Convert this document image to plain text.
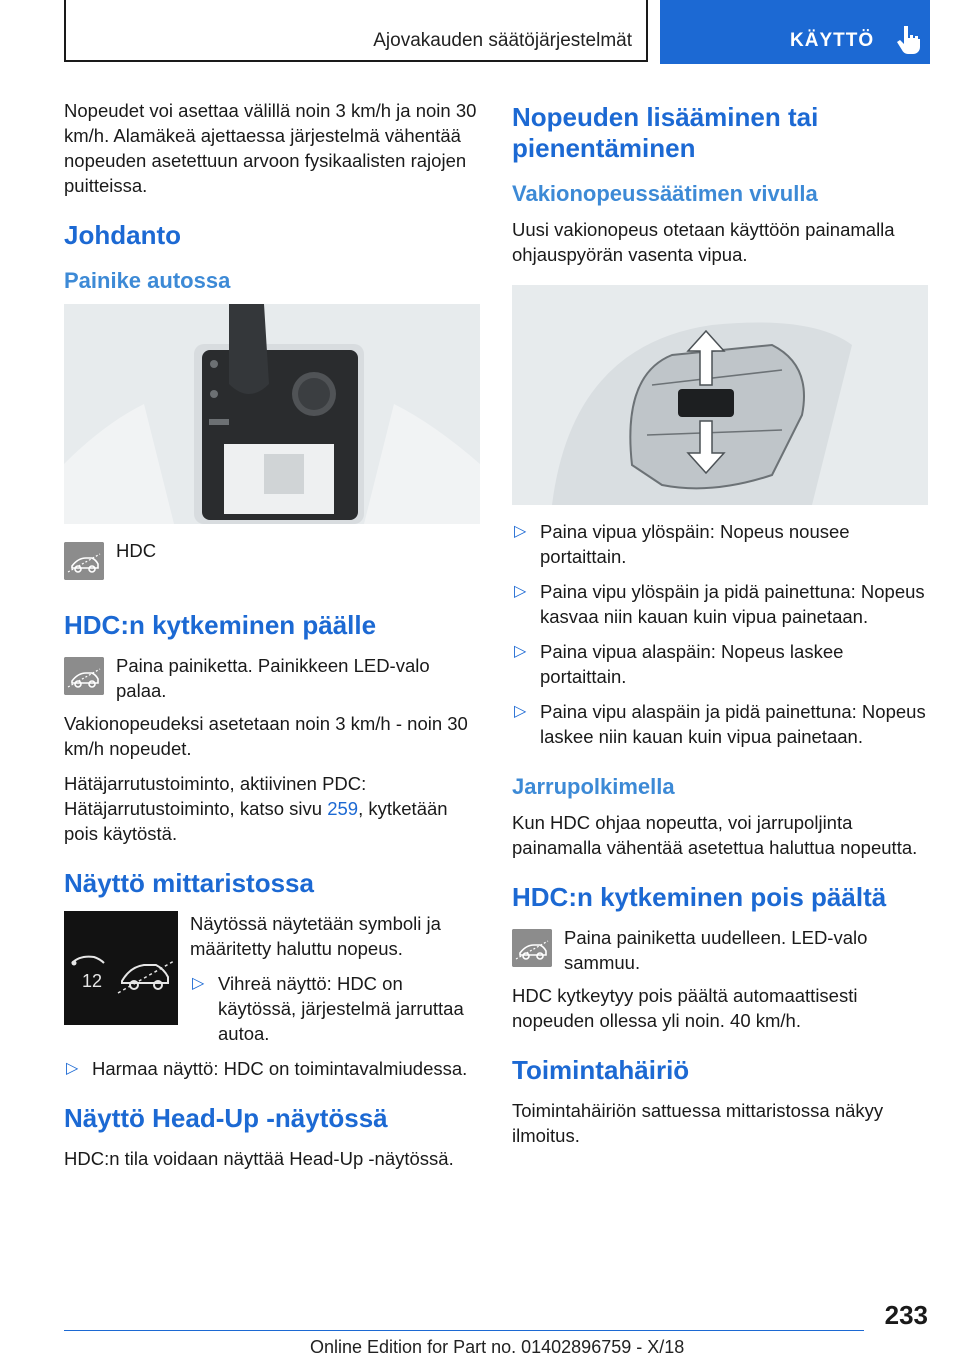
Ajovakauden säätöjärjestelmät	KÄYTTÖ

Nopeudet voi asettaa välillä noin 3 km/h ja noin 30 km/h. Alamäkeä ajettaessa järjestelmä vähentää nopeuden asetettuun arvoon fysikaalisten rajojen puitteissa.

Johdanto
Painike autossa
HDC
HDC:n kytkeminen päälle
Paina painiketta. Painikkeen LED-valo palaa.

Vakionopeudeksi asetetaan noin 3 km/h - noin 30 km/h nopeudet.

Hätäjarrutustoiminto, aktiivinen PDC: Hätäjarrutustoiminto, katso sivu 259, kytketään pois käytöstä.

Näyttö mittaristossa
12

Näytössä näytetään symboli ja määritetty haluttu nopeus.

▷ Vihreä näyttö: HDC on käytössä, järjestelmä jarruttaa autoa.
▷ Harmaa näyttö: HDC on toimintavalmiudessa.
Näyttö Head-Up -näytössä

HDC:n tila voidaan näyttää Head-Up -näytössä.

Nopeuden lisääminen tai pienentäminen
Vakionopeussäätimen vivulla

Uusi vakionopeus otetaan käyttöön painamalla ohjauspyörän vasenta vipua.

▷ Paina vipua ylöspäin: Nopeus nousee portaittain.
▷ Paina vipu ylöspäin ja pidä painettuna: Nopeus kasvaa niin kauan kuin vipua painetaan.
▷ Paina vipua alaspäin: Nopeus laskee portaittain.
▷ Paina vipu alaspäin ja pidä painettuna: Nopeus laskee niin kauan kuin vipua painetaan.
Jarrupolkimella

Kun HDC ohjaa nopeutta, voi jarrupoljinta painamalla vähentää asetettua haluttua nopeutta.

HDC:n kytkeminen pois päältä
Paina painiketta uudelleen. LED-valo sammuu.

HDC kytkeytyy pois päältä automaattisesti nopeuden ollessa yli noin. 40 km/h.

Toimintahäiriö

Toimintahäiriön sattuessa mittaristossa näkyy ilmoitus.

233
Online Edition for Part no. 01402896759 - X/18
